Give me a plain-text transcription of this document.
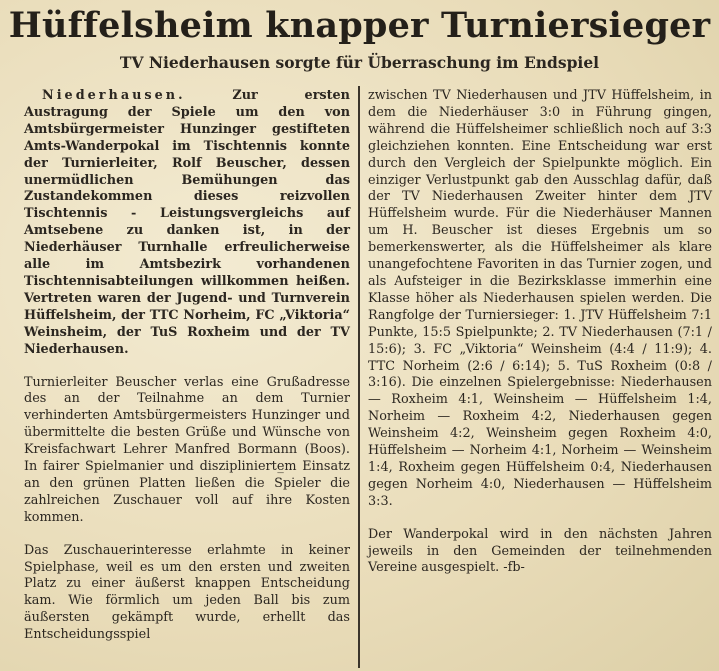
Hüffelsheim knapper Turniersieger
TV Niederhausen sorgte für Überraschung im Endspiel

Niederhausen.	Zur ersten Austragung der Spiele um den von Amtsbürgermeister Hunzinger gestifteten Amts-Wanderpokal im Tischtennis konnte der Turnierleiter, Rolf Beuscher, dessen unermüdlichen Bemühungen das Zustandekommen dieses reizvollen Tischtennis - Leistungsvergleichs auf Amtsebene zu danken ist, in der Niederhäuser Turnhalle erfreulicherweise alle im Amtsbezirk vorhandenen Tischtennisabteilungen willkommen heißen. Vertreten waren der Jugend- und Turnverein Hüffelsheim, der TTC Norheim, FC „Viktoria“ Weinsheim, der TuS Roxheim und der TV Niederhausen.

Turnierleiter Beuscher verlas eine Grußadresse des an der Teilnahme an dem Turnier verhinderten Amtsbürgermeisters Hunzinger und übermittelte die besten Grüße und Wünsche von Kreisfachwart Lehrer Manfred Bormann (Boos). In fairer Spielmanier und disziplinierte̲m Einsatz an den grünen Platten ließen die Spieler die zahlreichen Zuschauer voll auf ihre Kosten kommen.

Das Zuschauerinteresse erlahmte in keiner Spielphase, weil es um den ersten und zweiten Platz zu einer äußerst knappen Entscheidung kam. Wie förmlich um jeden Ball bis zum äußersten gekämpft wurde, erhellt das Entscheidungsspiel

zwischen TV Niederhausen und JTV Hüffelsheim, in dem die Niederhäuser 3:0 in Führung gingen, während die Hüffelsheimer schließlich noch auf 3:3 gleichziehen konnten. Eine Entscheidung war erst durch den Vergleich der Spielpunkte möglich. Ein einziger Verlustpunkt gab den Ausschlag dafür, daß der TV Niederhausen Zweiter hinter dem JTV Hüffelsheim wurde. Für die Niederhäuser Mannen um H. Beuscher ist dieses Ergebnis um so bemerkenswerter, als die Hüffelsheimer als klare unangefochtene Favoriten in das Turnier zogen, und als Aufsteiger in die Bezirksklasse immerhin eine Klasse höher als Niederhausen spielen werden. Die Rangfolge der Turniersieger: 1. JTV Hüffelsheim 7:1 Punkte, 15:5 Spielpunkte; 2. TV Niederhausen (7:1 / 15:6); 3. FC „Viktoria“ Weinsheim (4:4 / 11:9); 4. TTC Norheim (2:6 / 6:14); 5. TuS Roxheim (0:8 / 3:16). Die einzelnen Spielergebnisse: Niederhausen — Roxheim 4:1, Weinsheim — Hüffelsheim 1:4, Norheim — Roxheim 4:2, Niederhausen gegen Weinsheim 4:2, Weinsheim gegen Roxheim 4:0, Hüffelsheim — Norheim 4:1, Norheim — Weinsheim 1:4, Roxheim gegen Hüffelsheim 0:4, Niederhausen gegen Norheim 4:0, Niederhausen — Hüffelsheim 3:3.

Der Wanderpokal wird in den nächsten Jahren jeweils in den Gemeinden der teilnehmenden Vereine ausgespielt. -fb-
